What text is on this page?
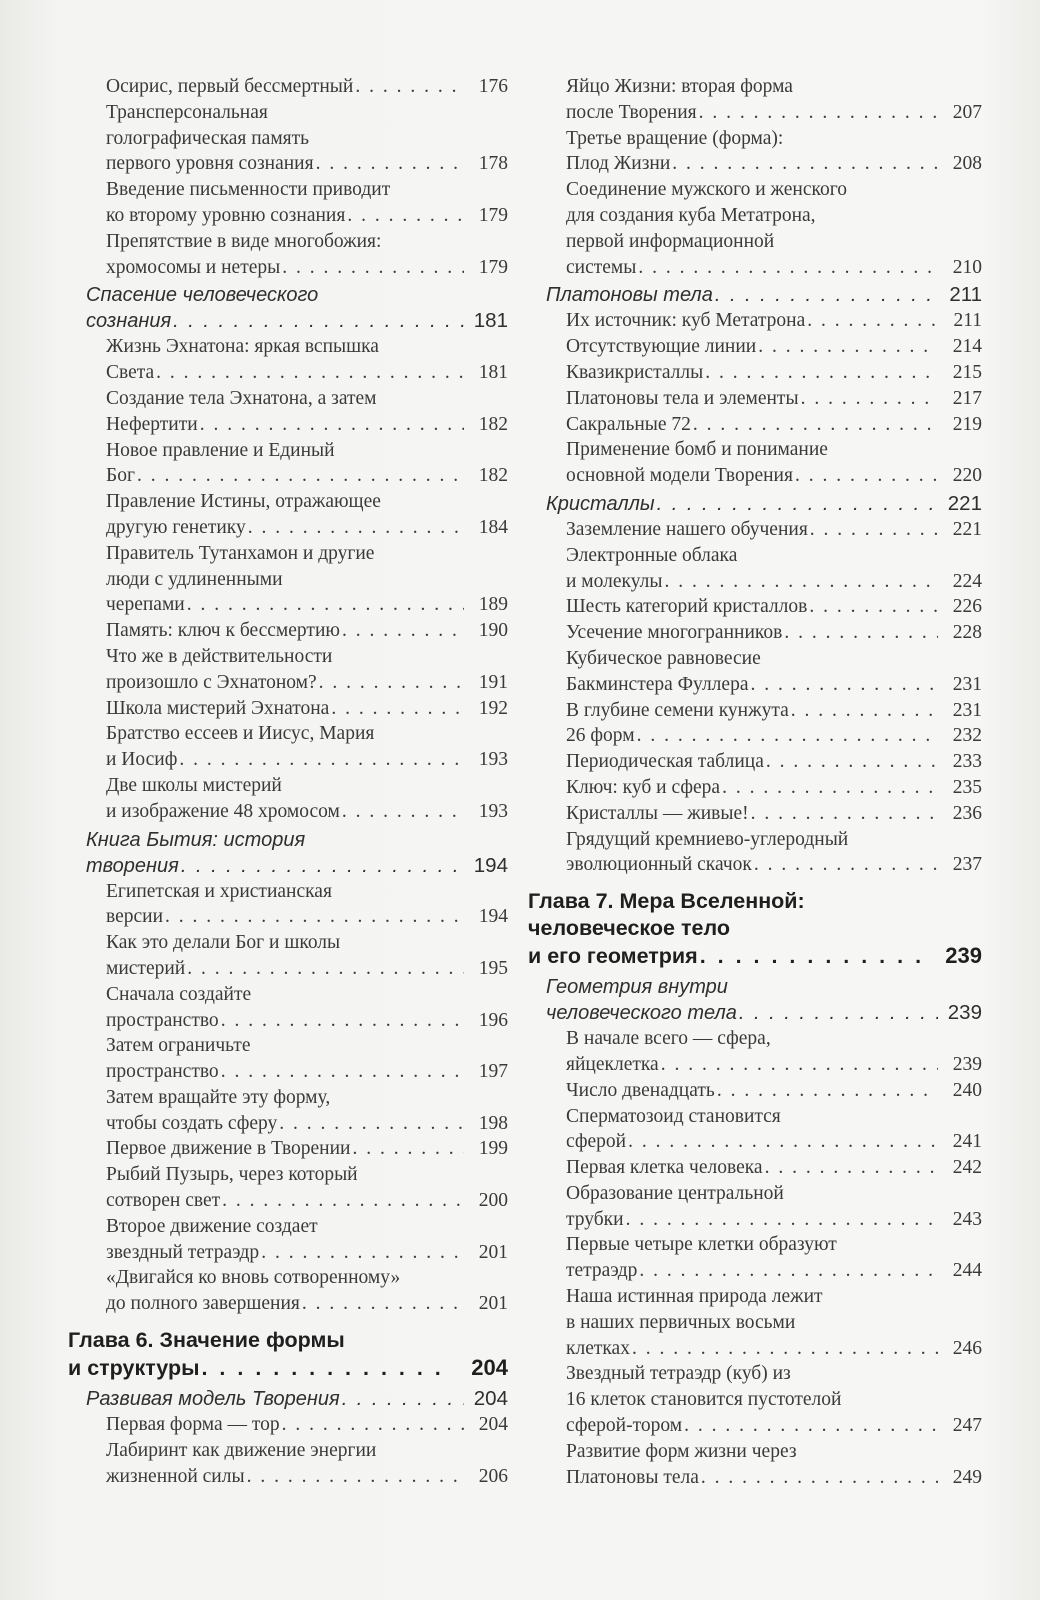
Осирис, первый бессмертный . . .	176
Трансперсональная
голографическая память
первого уровня сознания . . .	178
Введение письменности приводит
ко второму уровню сознания . . .	179
Препятствие в виде многобожия:
хромосомы и нетеры . . .	179
Спасение человеческого
сознания . . .	181
Жизнь Эхнатона: яркая вспышка
Света . . .	181
Создание тела Эхнатона, а затем
Нефертити . . .	182
Новое правление и Единый
Бог . . .	182
Правление Истины, отражающее
другую генетику . . .	184
Правитель Тутанхамон и другие
люди с удлиненными
черепами . . .	189
Память: ключ к бессмертию . . .	190
Что же в действительности
произошло с Эхнатоном? . . .	191
Школа мистерий Эхнатона . . .	192
Братство ессеев и Иисус, Мария
и Иосиф . . .	193
Две школы мистерий
и изображение 48 хромосом . . .	193
Книга Бытия: история
творения . . .	194
Египетская и христианская
версии . . .	194
Как это делали Бог и школы
мистерий . . .	195
Сначала создайте
пространство . . .	196
Затем ограничьте
пространство . . .	197
Затем вращайте эту форму,
чтобы создать сферу . . .	198
Первое движение в Творении . . .	199
Рыбий Пузырь, через который
сотворен свет . . .	200
Второе движение создает
звездный тетраэдр . . .	201
«Двигайся ко вновь сотворенному»
до полного завершения . . .	201
Глава 6. Значение формы
и структуры . . .	204
Развивая модель Творения . . .	204
Первая форма — тор . . .	204
Лабиринт как движение энергии
жизненной силы . . .	206
Яйцо Жизни: вторая форма
после Творения . . .	207
Третье вращение (форма):
Плод Жизни . . .	208
Соединение мужского и женского
для создания куба Метатрона,
первой информационной
системы . . .	210
Платоновы тела . . .	211
Их источник: куб Метатрона . . .	211
Отсутствующие линии . . .	214
Квазикристаллы . . .	215
Платоновы тела и элементы . . .	217
Сакральные 72 . . .	219
Применение бомб и понимание
основной модели Творения . . .	220
Кристаллы . . .	221
Заземление нашего обучения . . .	221
Электронные облака
и молекулы . . .	224
Шесть категорий кристаллов . . .	226
Усечение многогранников . . .	228
Кубическое равновесие
Бакминстера Фуллера . . .	231
В глубине семени кунжута . . .	231
26 форм . . .	232
Периодическая таблица . . .	233
Ключ: куб и сфера . . .	235
Кристаллы — живые! . . .	236
Грядущий кремниево-углеродный
эволюционный скачок . . .	237
Глава 7. Мера Вселенной:
человеческое тело
и его геометрия . . .	239
Геометрия внутри
человеческого тела . . .	239
В начале всего — сфера,
яйцеклетка . . .	239
Число двенадцать . . .	240
Сперматозоид становится
сферой . . .	241
Первая клетка человека . . .	242
Образование центральной
трубки . . .	243
Первые четыре клетки образуют
тетраэдр . . .	244
Наша истинная природа лежит
в наших первичных восьми
клетках . . .	246
Звездный тетраэдр (куб) из
16 клеток становится пустотелой
сферой-тором . . .	247
Развитие форм жизни через
Платоновы тела . . .	249
